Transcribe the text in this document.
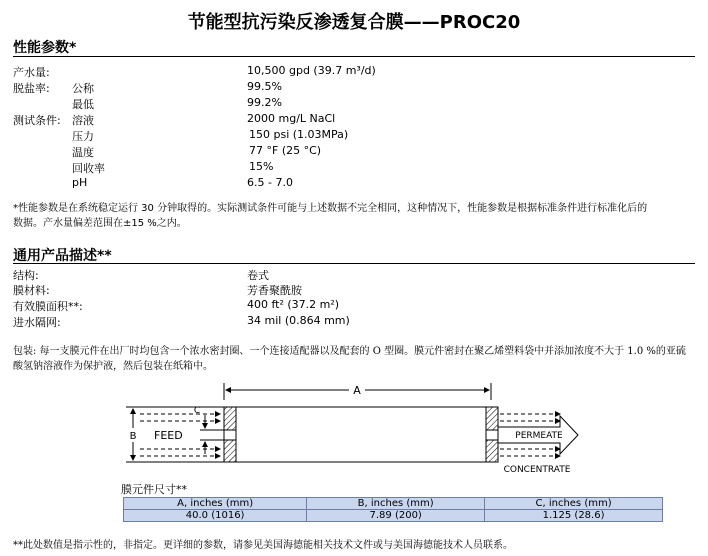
节能型抗污染反渗透复合膜——PROC20
性能参数*
产水量:	10,500 gpd (39.7 m³/d)
脱盐率: 公称	99.5%
最低	99.2%
测试条件: 溶液	2000 mg/L NaCl
压力	150 psi (1.03MPa)
温度	77 °F (25 °C)
回收率	15%
pH	6.5 - 7.0
*性能参数是在系统稳定运行 30 分钟取得的。实际测试条件可能与上述数据不完全相同，这种情况下，性能参数是根据标准条件进行标准化后的
数据。产水量偏差范围在±15 %之内。
通用产品描述**
结构:	卷式
膜材料:	芳香聚酰胺
有效膜面积**:	400 ft² (37.2 m²)
进水隔网:	34 mil (0.864 mm)
包装: 每一支膜元件在出厂时均包含一个浓水密封圈、一个连接适配器以及配套的 O 型圈。膜元件密封在聚乙烯塑料袋中并添加浓度不大于 1.0 %的亚硫
酸氢钠溶液作为保护液，然后包装在纸箱中。
A
B
C
FEED	PERMEATE
CONCENTRATE
膜元件尺寸**
A, inches (mm)	B, inches (mm)	C, inches (mm)
40.0 (1016)	7.89 (200)	1.125 (28.6)
**此处数值是指示性的，非指定。更详细的参数，请参见美国海德能相关技术文件或与美国海德能技术人员联系。
